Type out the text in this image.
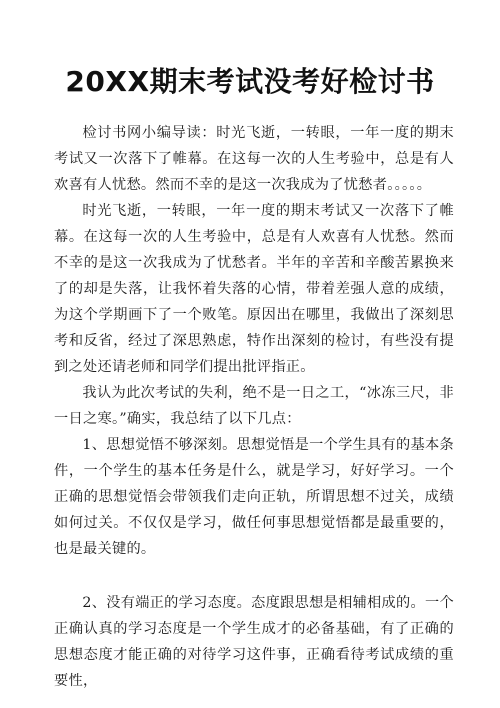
20XX期末考试没考好检讨书

检讨书网小编导读：时光飞逝，一转眼，一年一度的期末考试又一次落下了帷幕。在这每一次的人生考验中，总是有人欢喜有人忧愁。然而不幸的是这一次我成为了忧愁者。。。。。

时光飞逝，一转眼，一年一度的期末考试又一次落下了帷幕。在这每一次的人生考验中，总是有人欢喜有人忧愁。然而不幸的是这一次我成为了忧愁者。半年的辛苦和辛酸苦累换来了的却是失落，让我怀着失落的心情，带着差强人意的成绩，为这个学期画下了一个败笔。原因出在哪里，我做出了深刻思考和反省，经过了深思熟虑，特作出深刻的检讨，有些没有提到之处还请老师和同学们提出批评指正。

我认为此次考试的失利，绝不是一日之工，“冰冻三尺，非一日之寒。”确实，我总结了以下几点：

1、思想觉悟不够深刻。思想觉悟是一个学生具有的基本条件，一个学生的基本任务是什么，就是学习，好好学习。一个正确的思想觉悟会带领我们走向正轨，所谓思想不过关，成绩如何过关。不仅仅是学习，做任何事思想觉悟都是最重要的，也是最关键的。

2、没有端正的学习态度。态度跟思想是相辅相成的。一个正确认真的学习态度是一个学生成才的必备基础，有了正确的思想态度才能正确的对待学习这件事，正确看待考试成绩的重要性，
